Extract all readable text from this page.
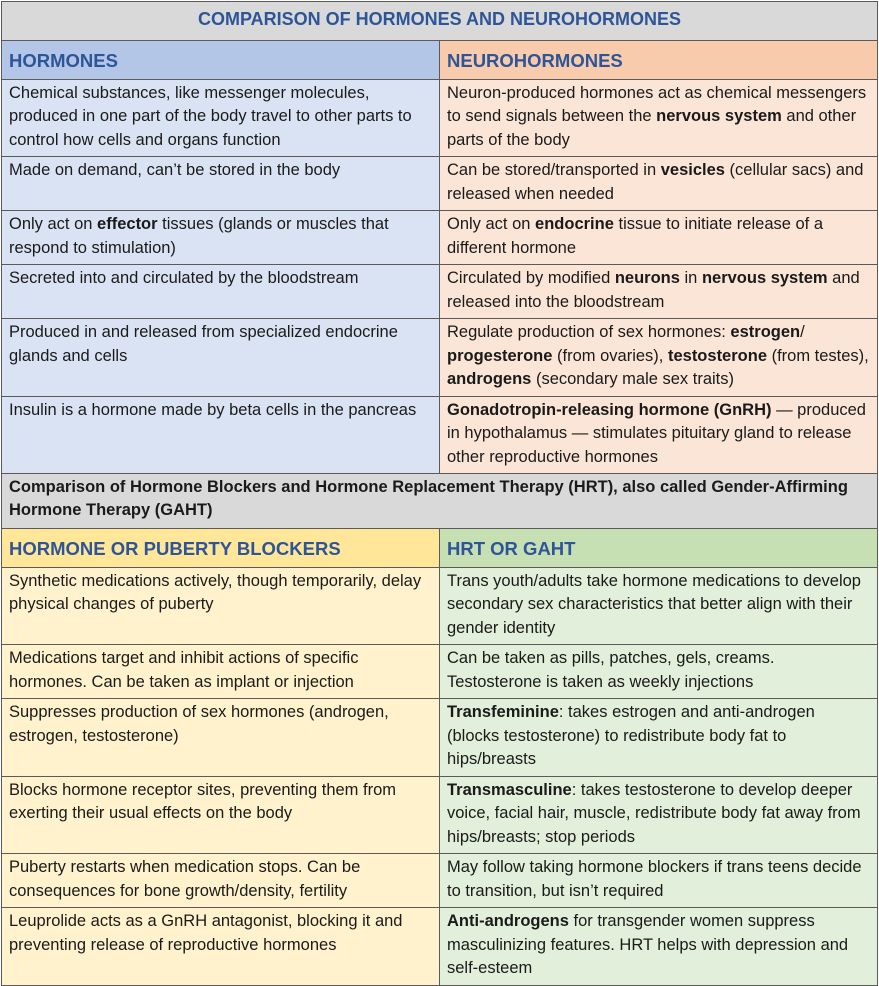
COMPARISON OF HORMONES AND NEUROHORMONES	
HORMONES	NEUROHORMONES
Chemical substances, like messenger molecules, produced in one part of the body travel to other parts to control how cells and organs function	Neuron-produced hormones act as chemical messengers to send signals between the nervous system and other parts of the body
Made on demand, can’t be stored in the body	Can be stored/transported in vesicles (cellular sacs) and released when needed
Only act on effector tissues (glands or muscles that respond to stimulation)	Only act on endocrine tissue to initiate release of a different hormone
Secreted into and circulated by the bloodstream	Circulated by modified neurons in nervous system and released into the bloodstream
Produced in and released from specialized endocrine glands and cells	Regulate production of sex hormones: estrogen/ progesterone (from ovaries), testosterone (from testes), androgens (secondary male sex traits)
Insulin is a hormone made by beta cells in the pancreas	Gonadotropin-releasing hormone (GnRH) — produced in hypothalamus — stimulates pituitary gland to release other reproductive hormones
Comparison of Hormone Blockers and Hormone Replacement Therapy (HRT), also called Gender-Affirming Hormone Therapy (GAHT)	
HORMONE OR PUBERTY BLOCKERS	HRT OR GAHT
Synthetic medications actively, though temporarily, delay physical changes of puberty	Trans youth/adults take hormone medications to develop secondary sex characteristics that better align with their gender identity
Medications target and inhibit actions of specific hormones. Can be taken as implant or injection	Can be taken as pills, patches, gels, creams. Testosterone is taken as weekly injections
Suppresses production of sex hormones (androgen, estrogen, testosterone)	Transfeminine: takes estrogen and anti-androgen (blocks testosterone) to redistribute body fat to hips/breasts
Blocks hormone receptor sites, preventing them from exerting their usual effects on the body	Transmasculine: takes testosterone to develop deeper voice, facial hair, muscle, redistribute body fat away from hips/breasts; stop periods
Puberty restarts when medication stops. Can be consequences for bone growth/density, fertility	May follow taking hormone blockers if trans teens decide to transition, but isn’t required
Leuprolide acts as a GnRH antagonist, blocking it and preventing release of reproductive hormones	Anti-androgens for transgender women suppress masculinizing features. HRT helps with depression and self-esteem
